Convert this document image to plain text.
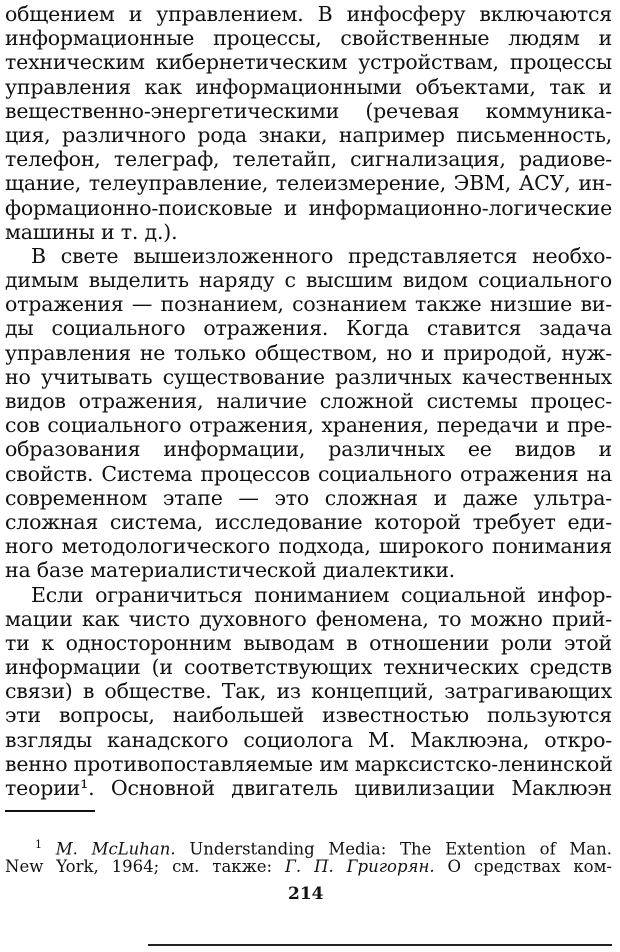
общением и управлением. В инфосферу включаются
информационные процессы, свойственные людям и
техническим кибернетическим устройствам, процессы
управления как информационными объектами, так и
вещественно-энергетическими (речевая коммуника-
ция, различного рода знаки, например письменность,
телефон, телеграф, телетайп, сигнализация, радиове-
щание, телеуправление, телеизмерение, ЭВМ, АСУ, ин-
формационно-поисковые и информационно-логические
машины и т. д.).
В свете вышеизложенного представляется необхо-
димым выделить наряду с высшим видом социального
отражения — познанием, сознанием также низшие ви-
ды социального отражения. Когда ставится задача
управления не только обществом, но и природой, нуж-
но учитывать существование различных качественных
видов отражения, наличие сложной системы процес-
сов социального отражения, хранения, передачи и пре-
образования информации, различных ее видов и
свойств. Система процессов социального отражения на
современном этапе — это сложная и даже ультра-
сложная система, исследование которой требует еди-
ного методологического подхода, широкого понимания
на базе материалистической диалектики.
Если ограничиться пониманием социальной инфор-
мации как чисто духовного феномена, то можно прий-
ти к односторонним выводам в отношении роли этой
информации (и соответствующих технических средств
связи) в обществе. Так, из концепций, затрагивающих
эти вопросы, наибольшей известностью пользуются
взгляды канадского социолога М. Маклюэна, откро-
венно противопоставляемые им марксистско-ленинской
теории¹. Основной двигатель цивилизации Маклюэн
$^1$ M. McLuhan. Understanding Media: The Extention of Man.
New York, 1964; см. также: Г. П. Григорян. О средствах ком-
214
